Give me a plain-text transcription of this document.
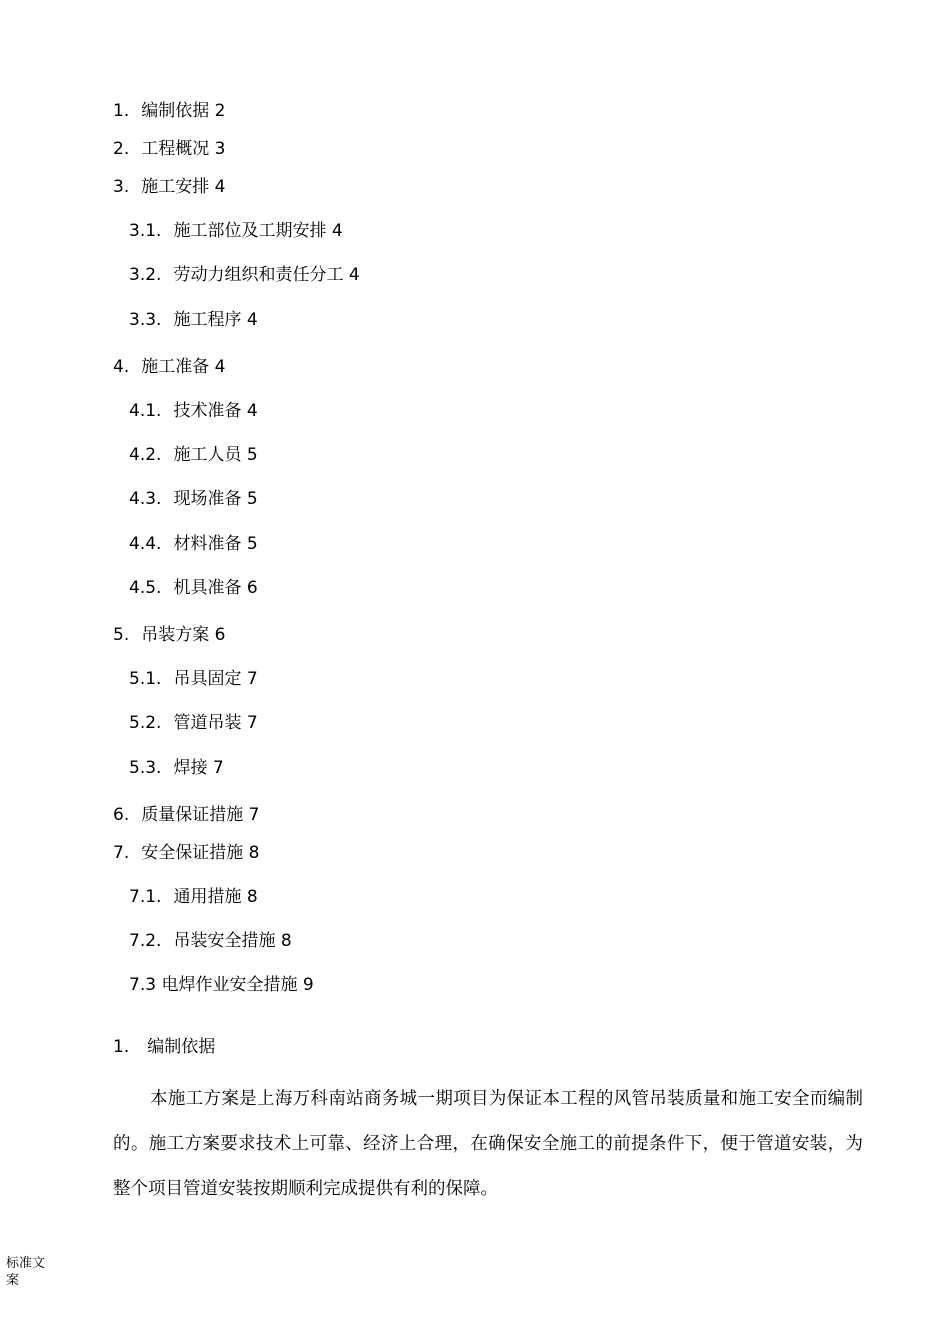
1. 编制依据 2
2. 工程概况 3
3. 施工安排 4
3.1. 施工部位及工期安排 4
3.2. 劳动力组织和责任分工 4
3.3. 施工程序 4
4. 施工准备 4
4.1. 技术准备 4
4.2. 施工人员 5
4.3. 现场准备 5
4.4. 材料准备 5
4.5. 机具准备 6
5. 吊装方案 6
5.1. 吊具固定 7
5.2. 管道吊装 7
5.3. 焊接 7
6. 质量保证措施 7
7. 安全保证措施 8
7.1. 通用措施 8
7.2. 吊装安全措施 8
7.3 电焊作业安全措施 9
1. 编制依据
本施工方案是上海万科南站商务城一期项目为保证本工程的风管吊装质量和施工安全而编制的。施工方案要求技术上可靠、经济上合理，在确保安全施工的前提条件下，便于管道安装，为整个项目管道安装按期顺利完成提供有利的保障。
标准文案
